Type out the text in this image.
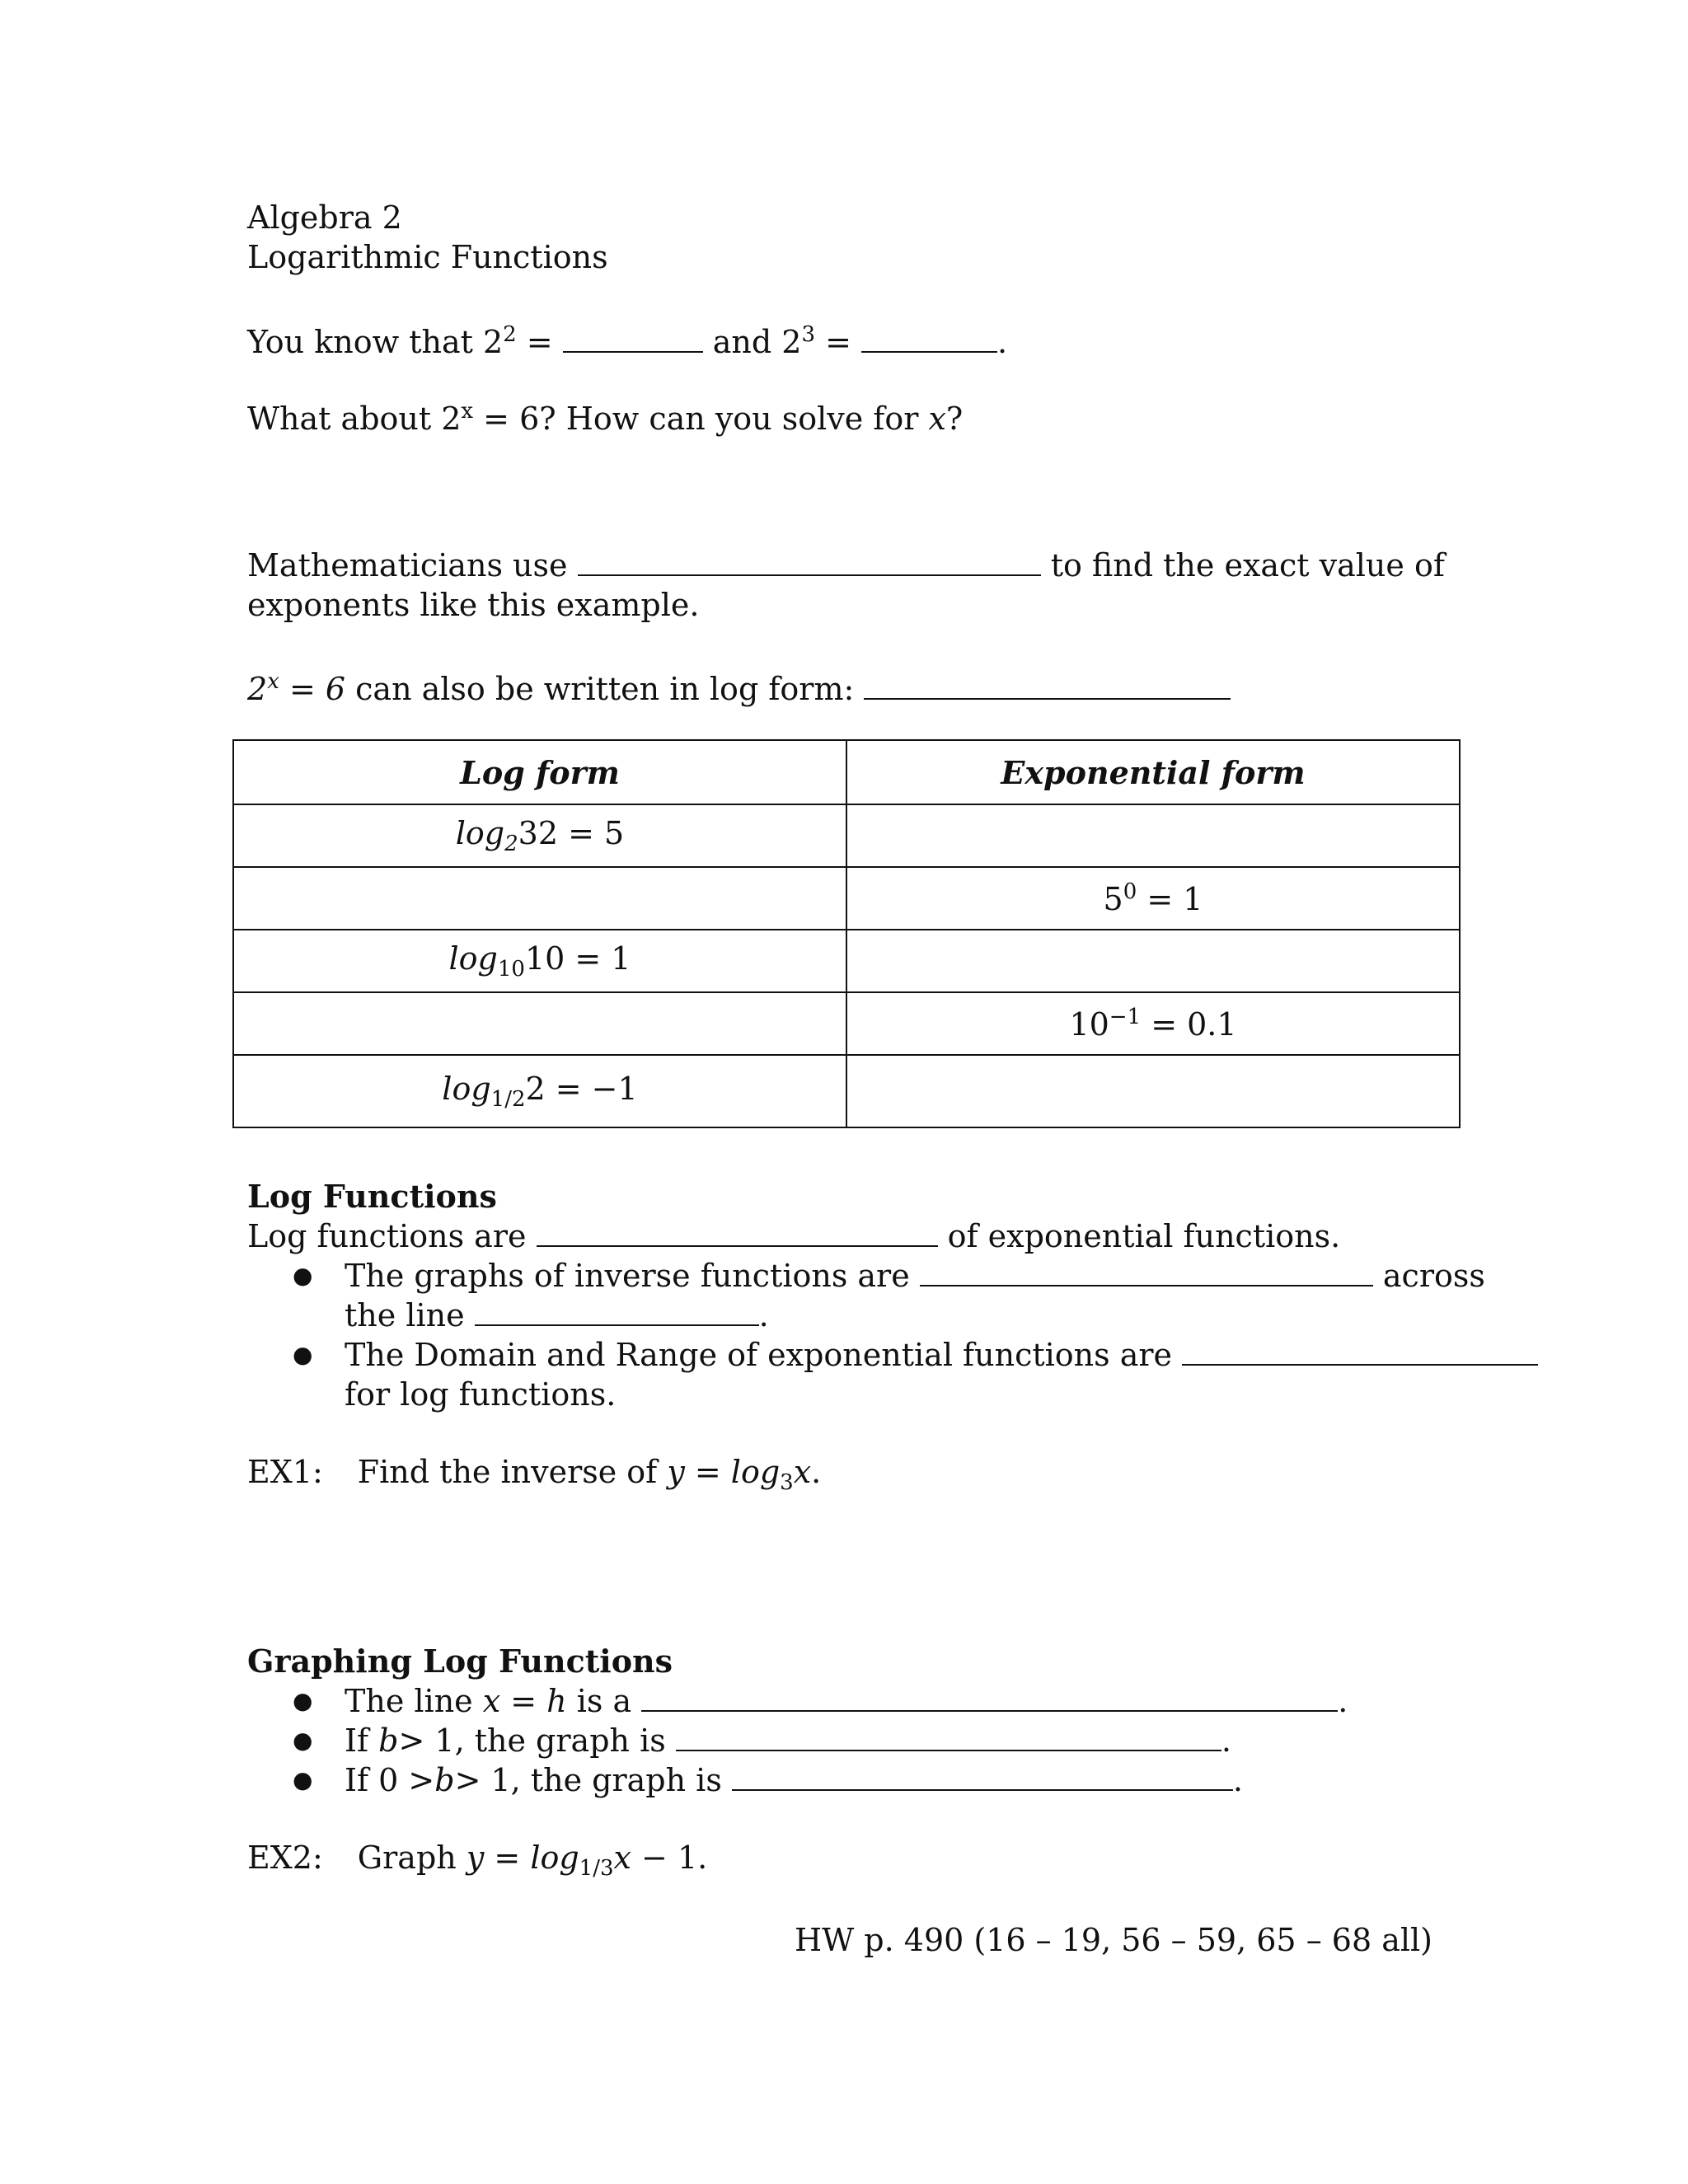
Algebra 2
Logarithmic Functions
You know that $2^2$ =	and $2^3$ =	.
What about $2^x = 6$? How can you solve for x?
Mathematicians use	to find the exact value of
exponents like this example.
$2^x = 6$ can also be written in log form:
Log form	Exponential form
$\log_232 = 5$	
	$5^0 = 1$
$\log_{10}10 = 1$	
	$10^{-1} = 0.1$
$\log_{1/2}2 = -1$	
Log Functions
Log functions are	of exponential functions.
● The graphs of inverse functions are	across
the line	.
● The Domain and Range of exponential functions are
for log functions.
EX1: Find the inverse of $y = \log_3x$.
Graphing Log Functions
● The line x = h is a	.
● If b> 1, the graph is	.
● If 0 >b> 1, the graph is	.
EX2: Graph $y = \log_{1/3}x - 1$.
HW p. 490 (16 – 19, 56 – 59, 65 – 68 all)
